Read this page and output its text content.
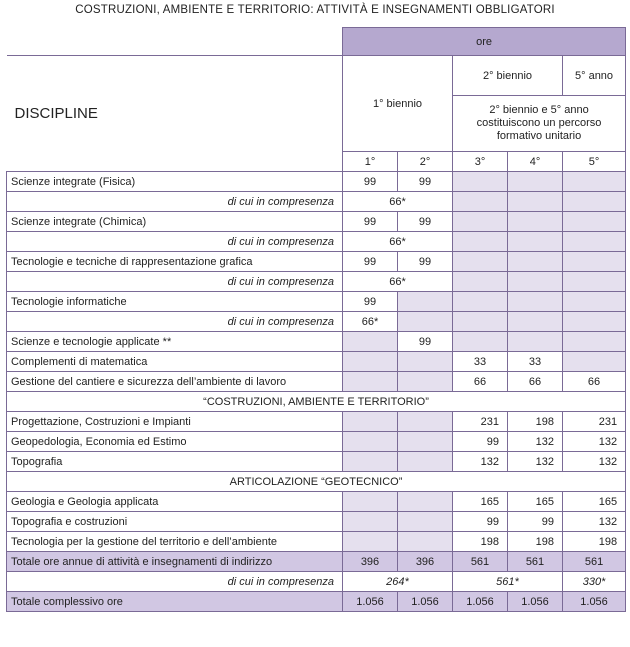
COSTRUZIONI, AMBIENTE E TERRITORIO: ATTIVITÀ E INSEGNAMENTI OBBLIGATORI
	ore				
DISCIPLINE	1° biennio		2° biennio		5° anno
			2° biennio e 5° anno costituiscono un percorso formativo unitario		
	1°	2°	3°	4°	5°
Scienze integrate (Fisica)	99	99			
di cui in compresenza	66*				
Scienze integrate (Chimica)	99	99			
di cui in compresenza	66*				
Tecnologie e tecniche di rappresentazione grafica	99	99			
di cui in compresenza	66*				
Tecnologie informatiche	99				
di cui in compresenza	66*				
Scienze e tecnologie applicate **		99			
Complementi di matematica			33	33	
Gestione del cantiere e sicurezza dell’ambiente di lavoro			66	66	66
“COSTRUZIONI, AMBIENTE E TERRITORIO”					
Progettazione, Costruzioni e Impianti			231	198	231
Geopedologia, Economia ed Estimo			99	132	132
Topografia			132	132	132
ARTICOLAZIONE “GEOTECNICO”					
Geologia e Geologia applicata			165	165	165
Topografia e costruzioni			99	99	132
Tecnologia per la gestione del territorio e dell’ambiente			198	198	198
Totale ore annue di attività e insegnamenti di indirizzo	396	396	561	561	561
di cui in compresenza	264*		561*		330*
Totale complessivo ore	1.056	1.056	1.056	1.056	1.056
